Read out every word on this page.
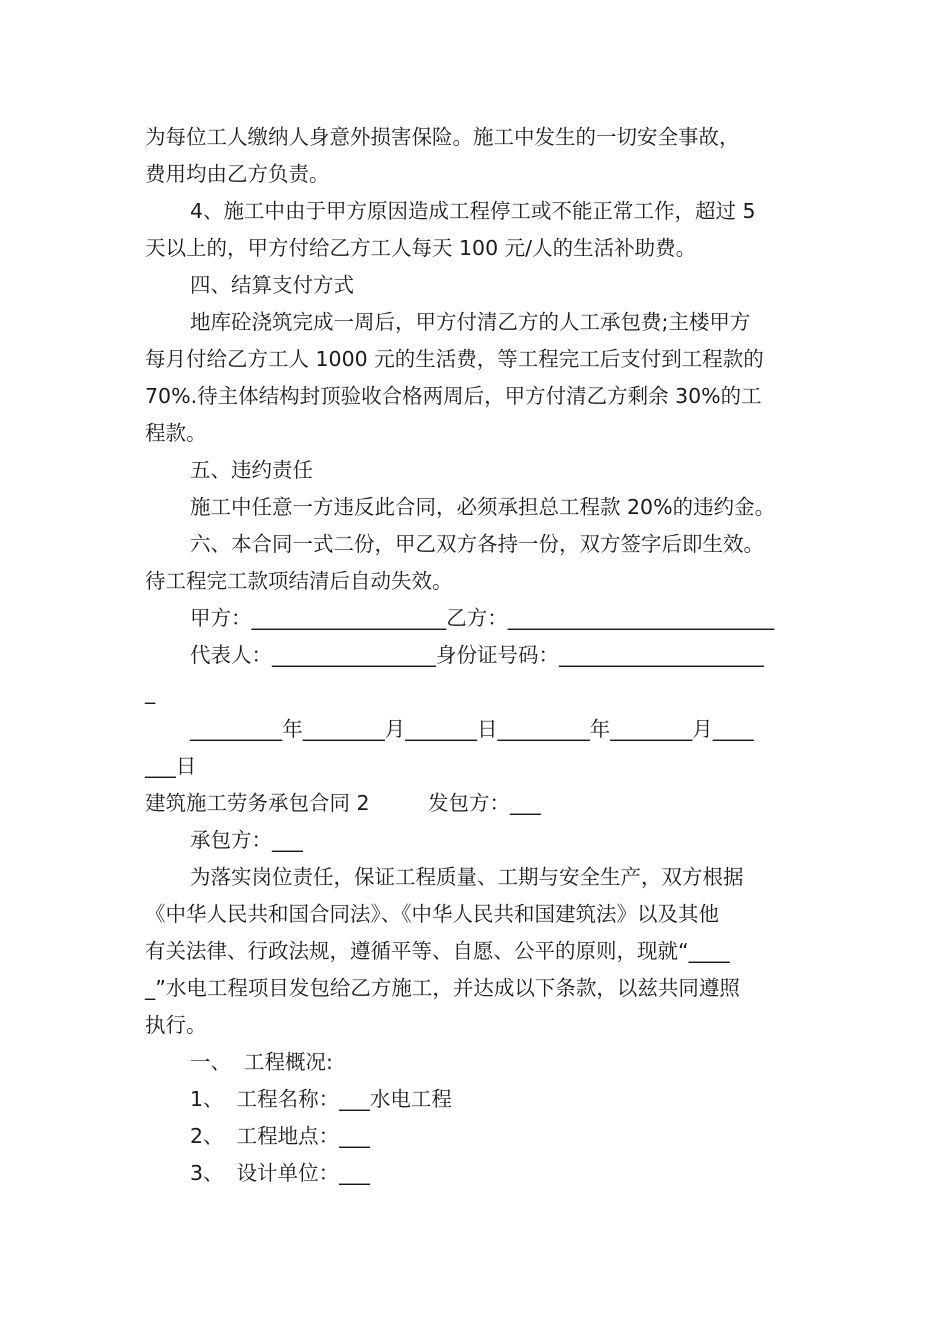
为每位工人缴纳人身意外损害保险。施工中发生的一切安全事故，
费用均由乙方负责。
4、施工中由于甲方原因造成工程停工或不能正常工作，超过 5
天以上的，甲方付给乙方工人每天 100 元/人的生活补助费。
四、结算支付方式
地库砼浇筑完成一周后，甲方付清乙方的人工承包费;主楼甲方
每月付给乙方工人 1000 元的生活费，等工程完工后支付到工程款的
70%.待主体结构封顶验收合格两周后，甲方付清乙方剩余 30%的工
程款。
五、违约责任
施工中任意一方违反此合同，必须承担总工程款 20%的违约金。
六、本合同一式二份，甲乙双方各持一份，双方签字后即生效。
待工程完工款项结清后自动失效。
甲方：___________________乙方：__________________________
代表人：________________身份证号码：____________________
_
_________年________月_______日_________年________月____
___日
建筑施工劳务承包合同 2	发包方：___
承包方：___
为落实岗位责任，保证工程质量、工期与安全生产，双方根据
《中华人民共和国合同法》、《中华人民共和国建筑法》以及其他
有关法律、行政法规，遵循平等、自愿、公平的原则，现就“____
_”水电工程项目发包给乙方施工，并达成以下条款，以兹共同遵照
执行。
一、  工程概况:
1、  工程名称：___水电工程
2、  工程地点：___
3、  设计单位：___
